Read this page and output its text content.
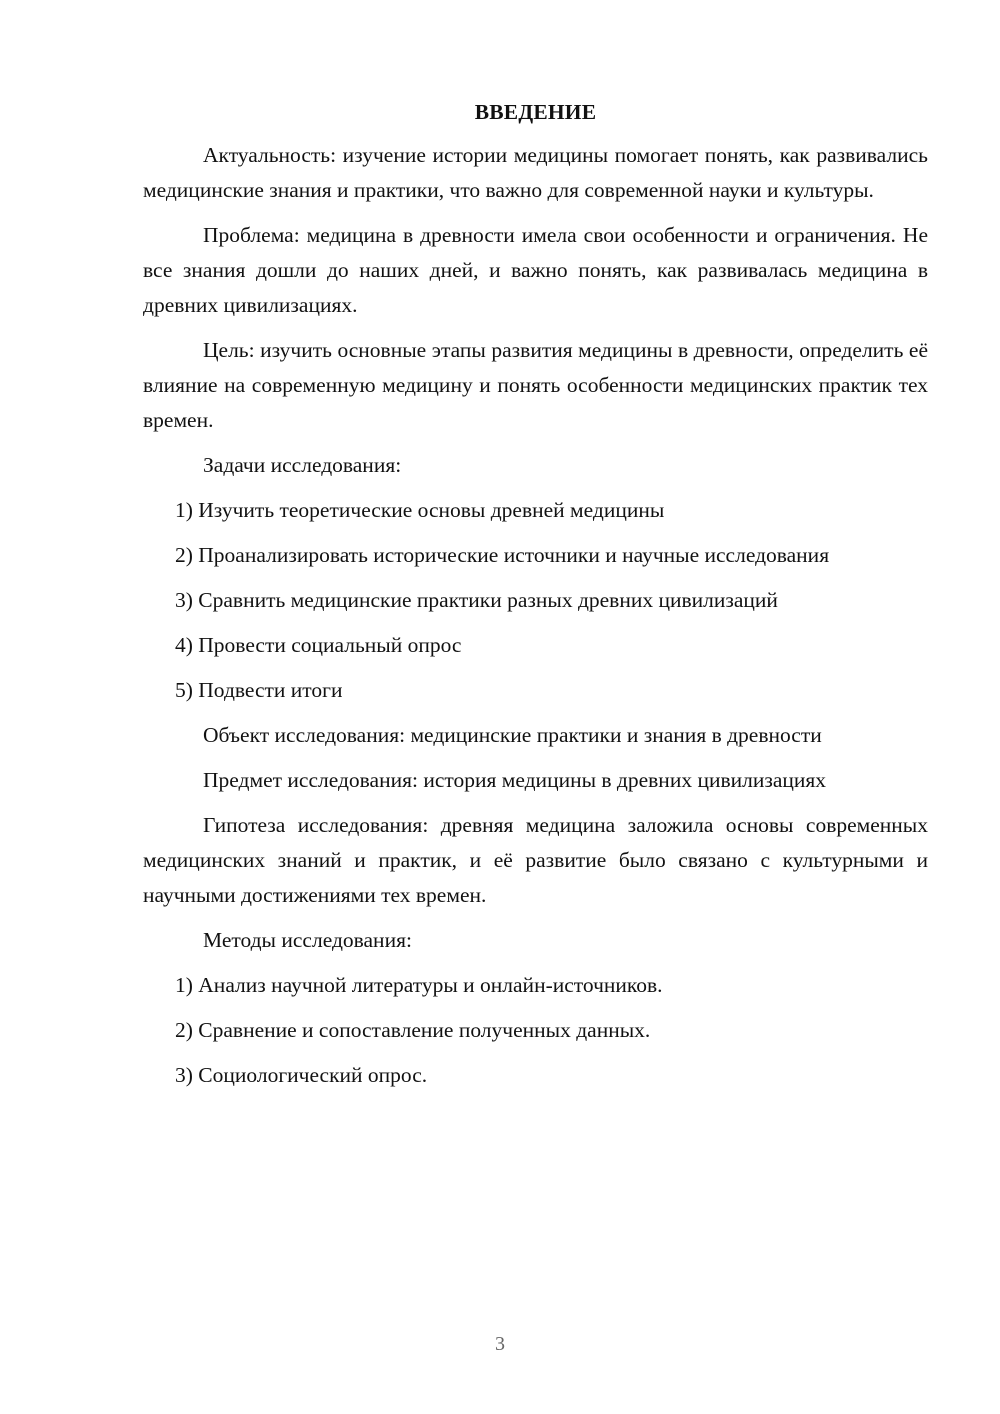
ВВЕДЕНИЕ

Актуальность: изучение истории медицины помогает понять, как развивались медицинские знания и практики, что важно для современной науки и культуры.

Проблема: медицина в древности имела свои особенности и ограничения. Не все знания дошли до наших дней, и важно понять, как развивалась медицина в древних цивилизациях.

Цель: изучить основные этапы развития медицины в древности, определить её влияние на современную медицину и понять особенности медицинских практик тех времен.

Задачи исследования:

1) Изучить теоретические основы древней медицины

2) Проанализировать исторические источники и научные исследования

3) Сравнить медицинские практики разных древних цивилизаций

4) Провести социальный опрос

5) Подвести итоги

Объект исследования: медицинские практики и знания в древности

Предмет исследования: история медицины в древних цивилизациях

Гипотеза исследования: древняя медицина заложила основы современных медицинских знаний и практик, и её развитие было связано с культурными и научными достижениями тех времен.

Методы исследования:

1) Анализ научной литературы и онлайн-источников.

2) Сравнение и сопоставление полученных данных.

3) Социологический опрос.

3
